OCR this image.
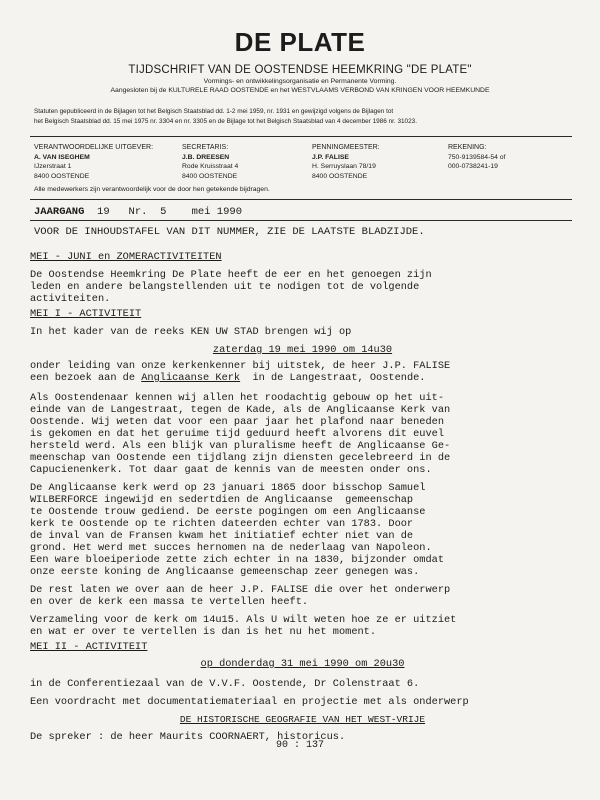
DE PLATE
TIJDSCHRIFT VAN DE OOSTENDSE HEEMKRING "DE PLATE"
Vormings- en ontwikkelingsorganisatie en Permanente Vorming.
Aangesloten bij de KULTURELE RAAD OOSTENDE en het WESTVLAAMS VERBOND VAN KRINGEN VOOR HEEMKUNDE
Statuten gepubliceerd in de Bijlagen tot het Belgisch Staatsblad dd. 1-2 mei 1959, nr. 1931 en gewijzigd volgens de Bijlagen tot
het Belgisch Staatsblad dd. 15 mei 1975 nr. 3304 en nr. 3305 en de Bijlage tot het Belgisch Staatsblad van 4 december 1986 nr. 31023.
VERANTWOORDELIJKE UITGEVER:
A. VAN ISEGHEM
IJzerstraat 1
8400 OOSTENDE
SECRETARIS:
J.B. DREESEN
Rode Kruisstraat 4
8400 OOSTENDE
PENNINGMEESTER:
J.P. FALISE
H. Serruyslaan 78/19
8400 OOSTENDE
REKENING:
750-9139584-54 of
000-0738241-19
Alle medewerkers zijn verantwoordelijk voor de door hen getekende bijdragen.
JAARGANG 19 Nr. 5 mei 1990
VOOR DE INHOUDSTAFEL VAN DIT NUMMER, ZIE DE LAATSTE BLADZIJDE.
MEI - JUNI en ZOMERACTIVITEITEN
De Oostendse Heemkring De Plate heeft de eer en het genoegen zijn
leden en andere belangstellenden uit te nodigen tot de volgende
activiteiten.
MEI I - ACTIVITEIT
In het kader van de reeks KEN UW STAD brengen wij op
zaterdag 19 mei 1990 om 14u30
onder leiding van onze kerkenkenner bij uitstek, de heer J.P. FALISE
een bezoek aan de Anglicaanse Kerk  in de Langestraat, Oostende.
Als Oostendenaar kennen wij allen het roodachtig gebouw op het uit-
einde van de Langestraat, tegen de Kade, als de Anglicaanse Kerk van
Oostende. Wij weten dat voor een paar jaar het plafond naar beneden
is gekomen en dat het geruime tijd geduurd heeft alvorens dit euvel
hersteld werd. Als een blijk van pluralisme heeft de Anglicaanse Ge-
meenschap van Oostende een tijdlang zijn diensten gecelebreerd in de
Capucienenkerk. Tot daar gaat de kennis van de meesten onder ons.
De Anglicaanse kerk werd op 23 januari 1865 door bisschop Samuel
WILBERFORCE ingewijd en sedertdien de Anglicaanse  gemeenschap
te Oostende trouw gediend. De eerste pogingen om een Anglicaanse
kerk te Oostende op te richten dateerden echter van 1783. Door
de inval van de Fransen kwam het initiatief echter niet van de
grond. Het werd met succes hernomen na de nederlaag van Napoleon.
Een ware bloeiperiode zette zich echter in na 1830, bijzonder omdat
onze eerste koning de Anglicaanse gemeenschap zeer genegen was.
De rest laten we over aan de heer J.P. FALISE die over het onderwerp
en over de kerk een massa te vertellen heeft.
Verzameling voor de kerk om 14u15. Als U wilt weten hoe ze er uitziet
en wat er over te vertellen is dan is het nu het moment.
MEI II - ACTIVITEIT
op donderdag 31 mei 1990 om 20u30
in de Conferentiezaal van de V.V.F. Oostende, Dr Colenstraat 6.
Een voordracht met documentatiemateriaal en projectie met als onderwerp
DE HISTORISCHE GEOGRAFIE VAN HET WEST-VRIJE
De spreker : de heer Maurits COORNAERT, historicus.
90 : 137
